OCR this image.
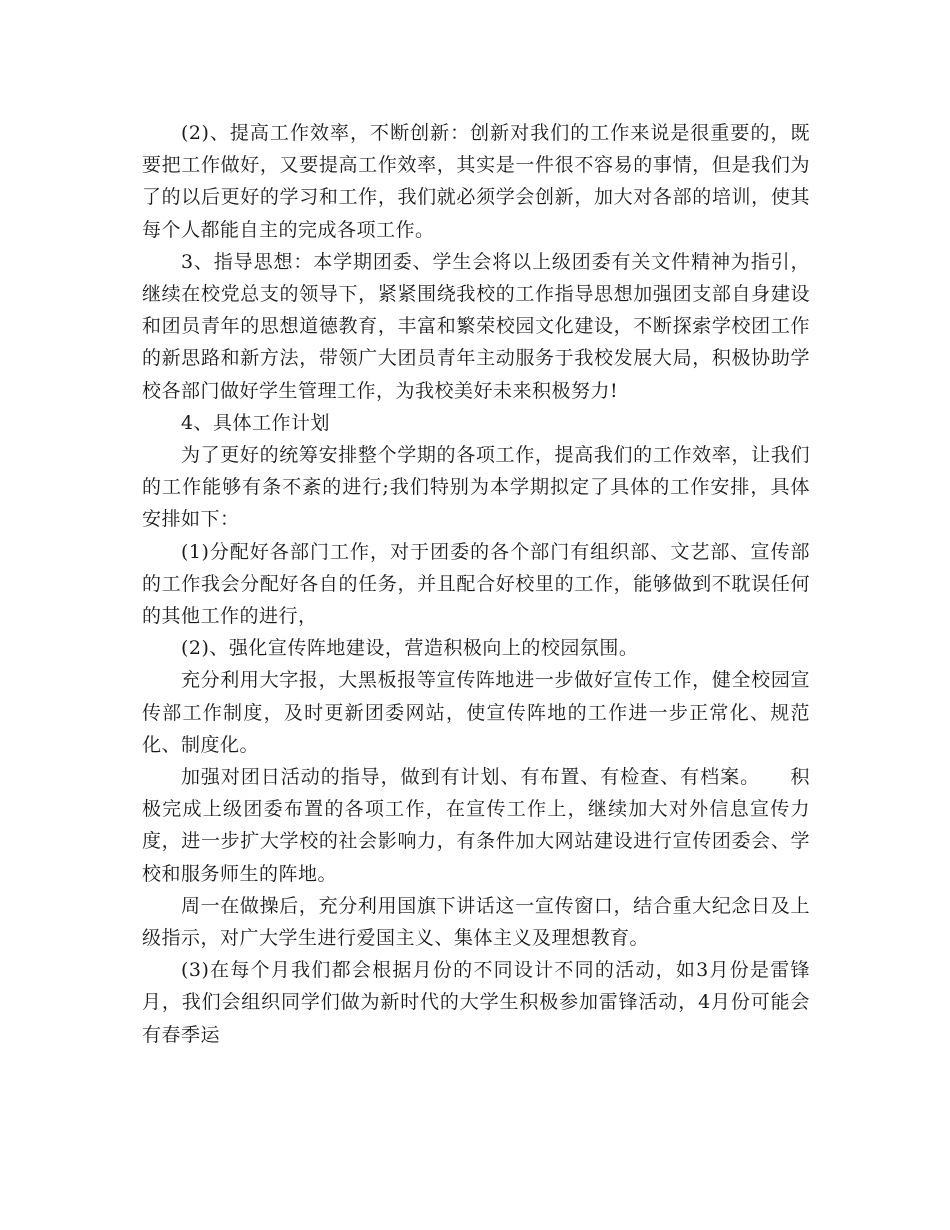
(2)、提高工作效率，不断创新：创新对我们的工作来说是很重要的，既要把工作做好，又要提高工作效率，其实是一件很不容易的事情，但是我们为了的以后更好的学习和工作，我们就必须学会创新，加大对各部的培训，使其每个人都能自主的完成各项工作。

3、指导思想：本学期团委、学生会将以上级团委有关文件精神为指引，继续在校党总支的领导下，紧紧围绕我校的工作指导思想加强团支部自身建设和团员青年的思想道德教育，丰富和繁荣校园文化建设，不断探索学校团工作的新思路和新方法，带领广大团员青年主动服务于我校发展大局，积极协助学校各部门做好学生管理工作，为我校美好未来积极努力!

4、具体工作计划

为了更好的统筹安排整个学期的各项工作，提高我们的工作效率，让我们的工作能够有条不紊的进行;我们特别为本学期拟定了具体的工作安排，具体安排如下：

(1)分配好各部门工作，对于团委的各个部门有组织部、文艺部、宣传部的工作我会分配好各自的任务，并且配合好校里的工作，能够做到不耽误任何的其他工作的进行，

(2)、强化宣传阵地建设，营造积极向上的校园氛围。

充分利用大字报，大黑板报等宣传阵地进一步做好宣传工作，健全校园宣传部工作制度，及时更新团委网站，使宣传阵地的工作进一步正常化、规范化、制度化。

加强对团日活动的指导，做到有计划、有布置、有检查、有档案。　　积极完成上级团委布置的各项工作，在宣传工作上，继续加大对外信息宣传力度，进一步扩大学校的社会影响力，有条件加大网站建设进行宣传团委会、学校和服务师生的阵地。

周一在做操后，充分利用国旗下讲话这一宣传窗口，结合重大纪念日及上级指示，对广大学生进行爱国主义、集体主义及理想教育。

(3)在每个月我们都会根据月份的不同设计不同的活动，如3月份是雷锋月，我们会组织同学们做为新时代的大学生积极参加雷锋活动，4月份可能会有春季运
